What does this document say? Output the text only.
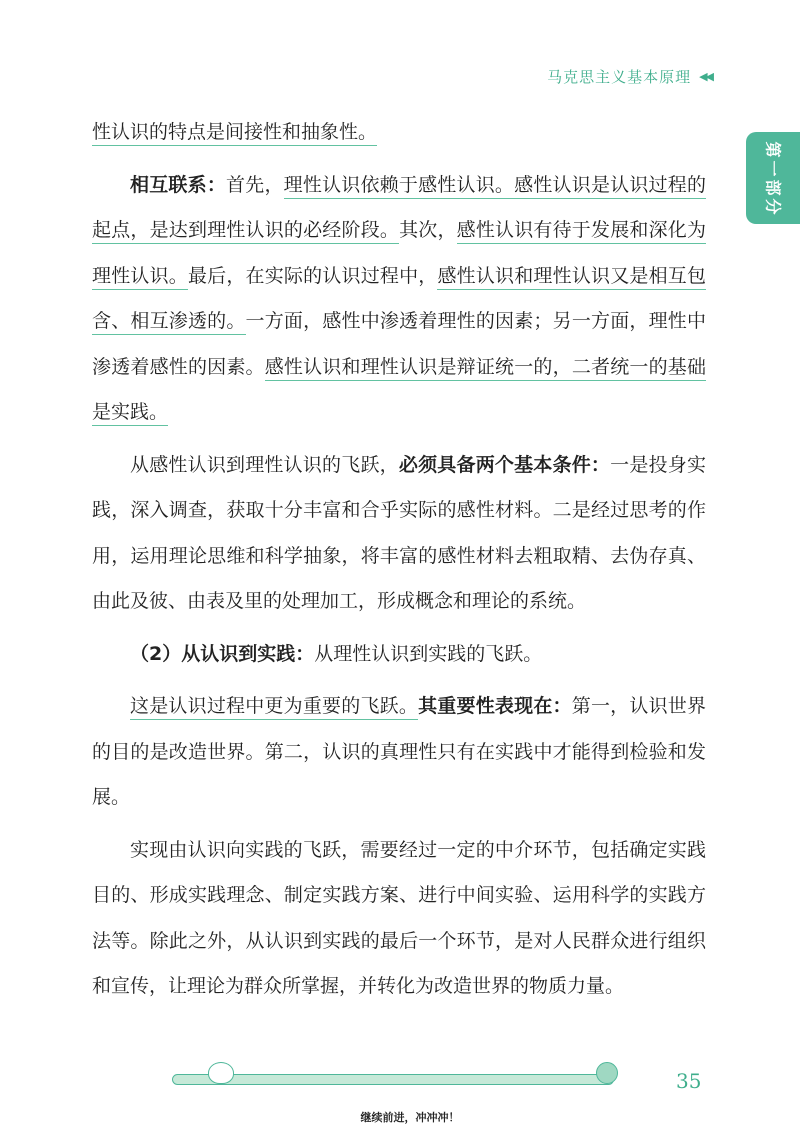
马克思主义基本原理 ◀◀
第
一
部
分

性认识的特点是间接性和抽象性。

相互联系：首先，理性认识依赖于感性认识。感性认识是认识过程的起点，是达到理性认识的必经阶段。其次，感性认识有待于发展和深化为理性认识。最后，在实际的认识过程中，感性认识和理性认识又是相互包含、相互渗透的。一方面，感性中渗透着理性的因素；另一方面，理性中渗透着感性的因素。感性认识和理性认识是辩证统一的，二者统一的基础是实践。

从感性认识到理性认识的飞跃，必须具备两个基本条件：一是投身实践，深入调查，获取十分丰富和合乎实际的感性材料。二是经过思考的作用，运用理论思维和科学抽象，将丰富的感性材料去粗取精、去伪存真、由此及彼、由表及里的处理加工，形成概念和理论的系统。

（2）从认识到实践：从理性认识到实践的飞跃。

这是认识过程中更为重要的飞跃。其重要性表现在：第一，认识世界的目的是改造世界。第二，认识的真理性只有在实践中才能得到检验和发展。

实现由认识向实践的飞跃，需要经过一定的中介环节，包括确定实践目的、形成实践理念、制定实践方案、进行中间实验、运用科学的实践方法等。除此之外，从认识到实践的最后一个环节，是对人民群众进行组织和宣传，让理论为群众所掌握，并转化为改造世界的物质力量。

35
继续前进，冲冲冲！
